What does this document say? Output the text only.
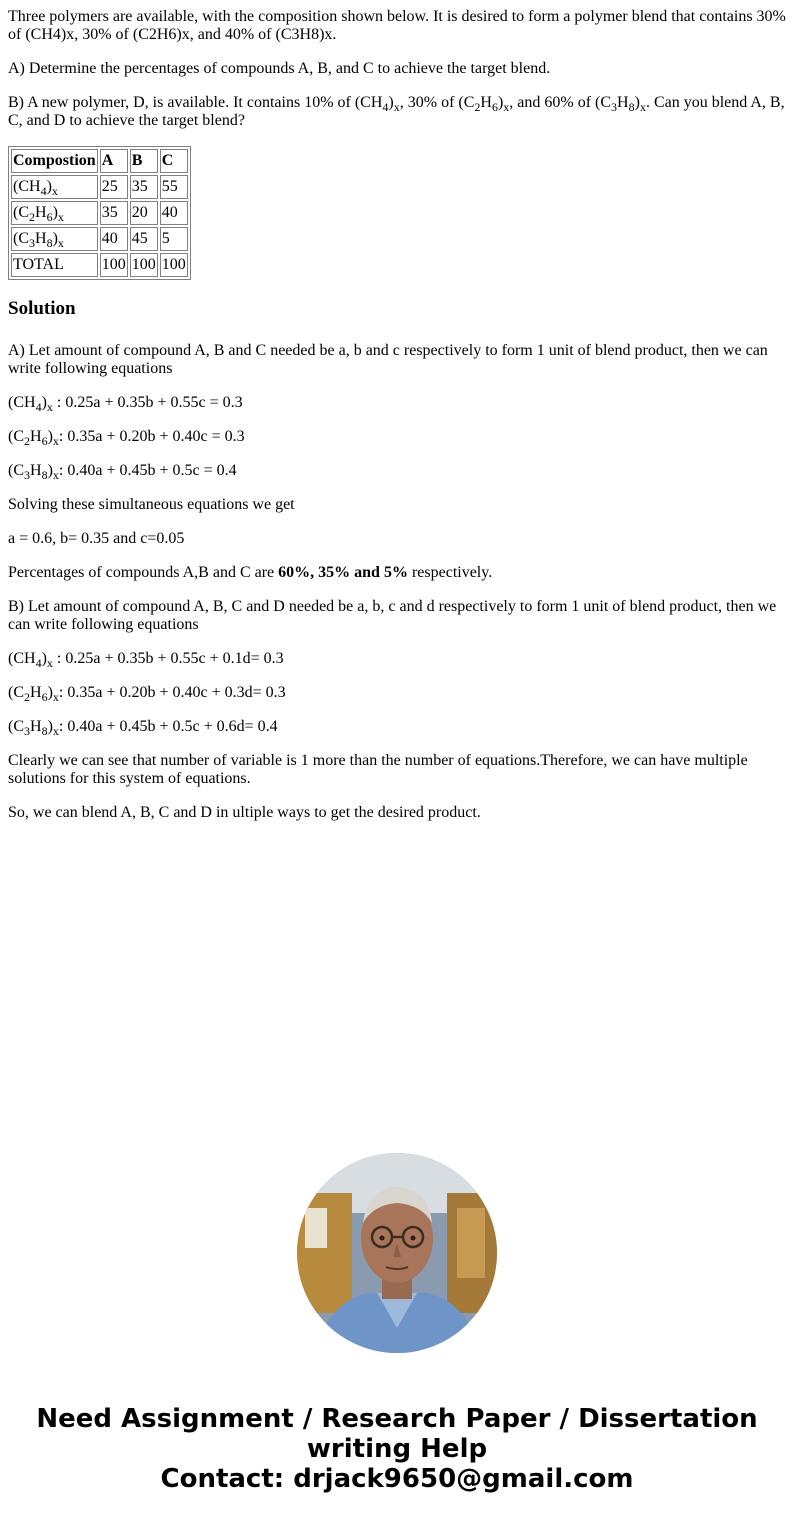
Three polymers are available, with the composition shown below. It is desired to form a polymer blend that contains 30% of (CH4)x, 30% of (C2H6)x, and 40% of (C3H8)x.

A) Determine the percentages of compounds A, B, and C to achieve the target blend.

B) A new polymer, D, is available. It contains 10% of $(CH_4)_x$, 30% of $(C_2H_6)_x$, and 60% of $(C_3H_8)_x$. Can you blend A, B, C, and D to achieve the target blend?

Compostion	A	B	C
$(CH_4)_x$	25	35	55
$(C_2H_6)_x$	35	20	40
$(C_3H_8)_x$	40	45	5
TOTAL	100	100	100
Solution

A) Let amount of compound A, B and C needed be a, b and c respectively to form 1 unit of blend product, then we can write following equations

$(CH_4)_x$ : 0.25a + 0.35b + 0.55c = 0.3

$(C_2H_6)_x$: 0.35a + 0.20b + 0.40c = 0.3

$(C_3H_8)_x$: 0.40a + 0.45b + 0.5c = 0.4

Solving these simultaneous equations we get

a = 0.6, b= 0.35 and c=0.05

Percentages of compounds A,B and C are 60%, 35% and 5% respectively.

B) Let amount of compound A, B, C and D needed be a, b, c and d respectively to form 1 unit of blend product, then we can write following equations

$(CH_4)_x$ : 0.25a + 0.35b + 0.55c + 0.1d= 0.3

$(C_2H_6)_x$: 0.35a + 0.20b + 0.40c + 0.3d= 0.3

$(C_3H_8)_x$: 0.40a + 0.45b + 0.5c + 0.6d= 0.4

Clearly we can see that number of variable is 1 more than the number of equations.Therefore, we can have multiple solutions for this system of equations.

So, we can blend A, B, C and D in ultiple ways to get the desired product.

Need Assignment / Research Paper / Dissertation writing Help
Contact: drjack9650@gmail.com
